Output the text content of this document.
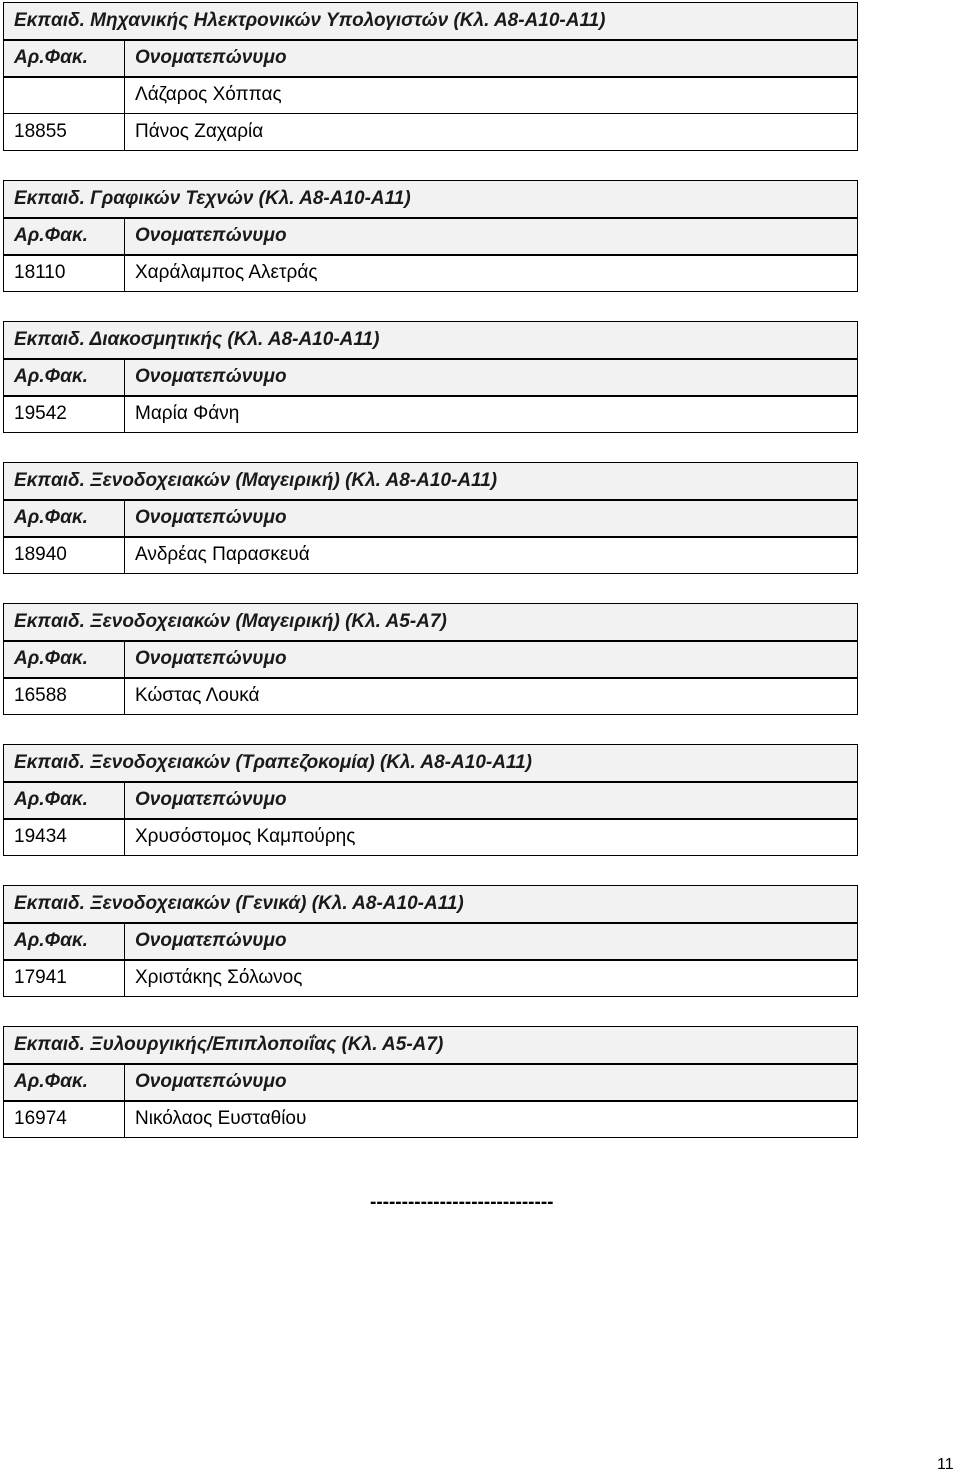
Εκπαιδ. Μηχανικής Ηλεκτρονικών Υπολογιστών (Κλ. Α8-Α10-Α11)	
Αρ.Φακ.	Ονοματεπώνυμο
	Λάζαρος Χόππας
18855	Πάνος Ζαχαρία
Εκπαιδ. Γραφικών Τεχνών (Κλ. Α8-Α10-Α11)	
Αρ.Φακ.	Ονοματεπώνυμο
18110	Χαράλαμπος Αλετράς
Εκπαιδ. Διακοσμητικής (Κλ. Α8-Α10-Α11)	
Αρ.Φακ.	Ονοματεπώνυμο
19542	Μαρία Φάνη
Εκπαιδ. Ξενοδοχειακών (Μαγειρική) (Κλ. Α8-Α10-Α11)	
Αρ.Φακ.	Ονοματεπώνυμο
18940	Ανδρέας Παρασκευά
Εκπαιδ. Ξενοδοχειακών (Μαγειρική) (Κλ. Α5-Α7)	
Αρ.Φακ.	Ονοματεπώνυμο
16588	Κώστας Λουκά
Εκπαιδ. Ξενοδοχειακών (Τραπεζοκομία) (Κλ. Α8-Α10-Α11)	
Αρ.Φακ.	Ονοματεπώνυμο
19434	Χρυσόστομος Καμπούρης
Εκπαιδ. Ξενοδοχειακών (Γενικά) (Κλ. Α8-Α10-Α11)	
Αρ.Φακ.	Ονοματεπώνυμο
17941	Χριστάκης Σόλωνος
Εκπαιδ. Ξυλουργικής/Επιπλοποιΐας (Κλ. Α5-Α7)	
Αρ.Φακ.	Ονοματεπώνυμο
16974	Νικόλαος Ευσταθίου
-----------------------------
11
